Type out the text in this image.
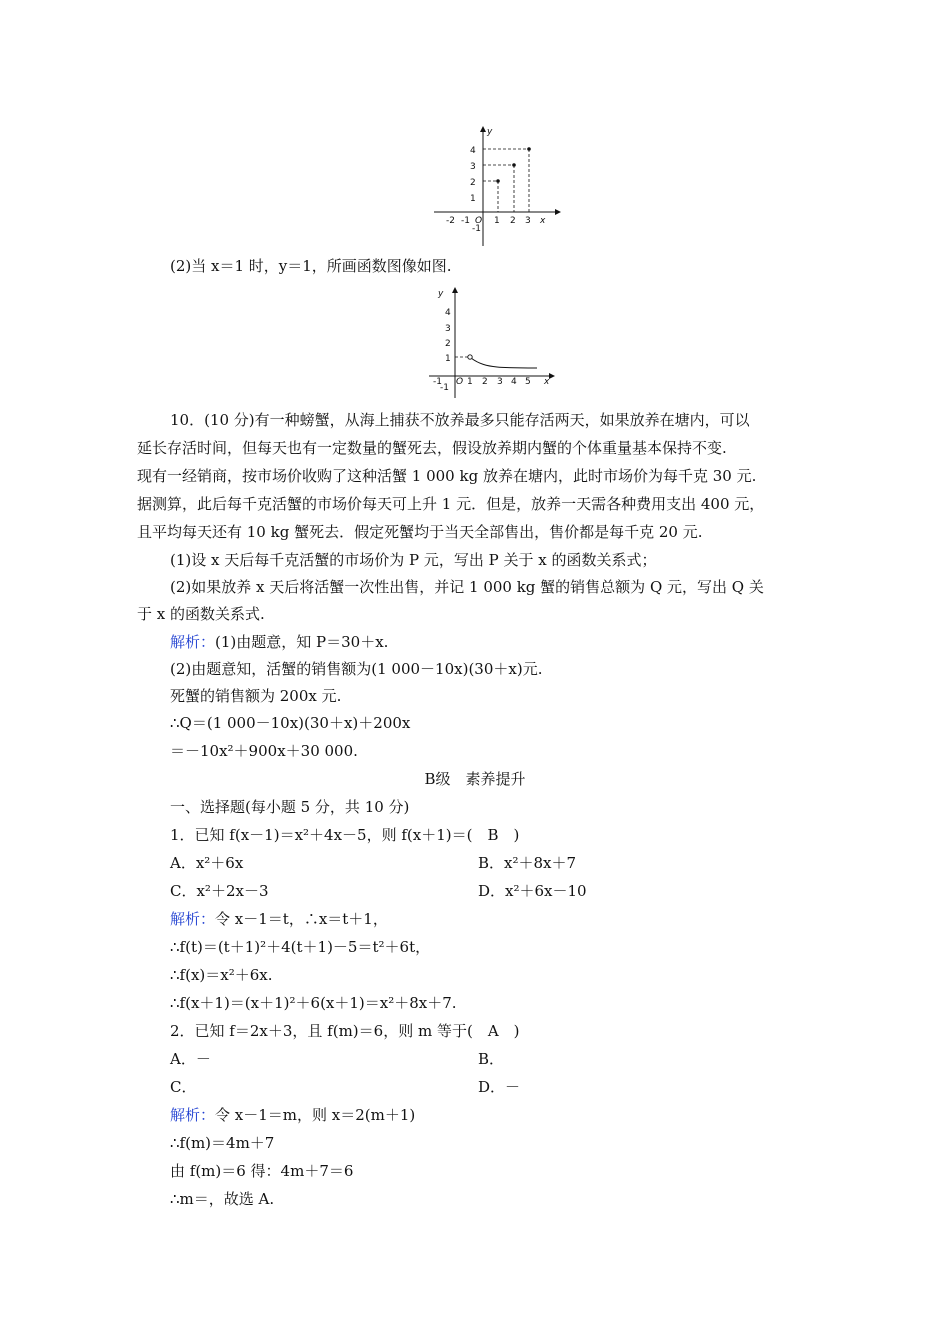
y
4
3
2
1
-1
-2 -1 O 1 2 3 x
(2)当 x＝1 时，y＝1，所画函数图像如图.
y
4
3
2
1
-1
-1 O 1 2 3 4 5 x
10．(10 分)有一种螃蟹，从海上捕获不放养最多只能存活两天，如果放养在塘内，可以
延长存活时间，但每天也有一定数量的蟹死去，假设放养期内蟹的个体重量基本保持不变.
现有一经销商，按市场价收购了这种活蟹 1 000 kg 放养在塘内，此时市场价为每千克 30 元.
据测算，此后每千克活蟹的市场价每天可上升 1 元．但是，放养一天需各种费用支出 400 元，
且平均每天还有 10 kg 蟹死去．假定死蟹均于当天全部售出，售价都是每千克 20 元.
(1)设 x 天后每千克活蟹的市场价为 P 元，写出 P 关于 x 的函数关系式；
(2)如果放养 x 天后将活蟹一次性出售，并记 1 000 kg 蟹的销售总额为 Q 元，写出 Q 关
于 x 的函数关系式.
解析：(1)由题意，知 P＝30＋x.
(2)由题意知，活蟹的销售额为(1 000－10x)(30＋x)元.
死蟹的销售额为 200x 元.
∴Q＝(1 000－10x)(30＋x)＋200x
＝－10x²＋900x＋30 000.
B级　素养提升
一、选择题(每小题 5 分，共 10 分)
1．已知 f(x－1)＝x²＋4x－5，则 f(x＋1)＝(　B　)
A．x²＋6x	B．x²＋8x＋7
C．x²＋2x－3	D．x²＋6x－10
解析：令 x－1＝t，∴x＝t＋1，
∴f(t)＝(t＋1)²＋4(t＋1)－5＝t²＋6t，
∴f(x)＝x²＋6x.
∴f(x＋1)＝(x＋1)²＋6(x＋1)＝x²＋8x＋7.
2．已知 f＝2x＋3，且 f(m)＝6，则 m 等于(　A　)
A．－	B．
C．	D．－
解析：令 x－1＝m，则 x＝2(m＋1)
∴f(m)＝4m＋7
由 f(m)＝6 得：4m＋7＝6
∴m＝，故选 A.
